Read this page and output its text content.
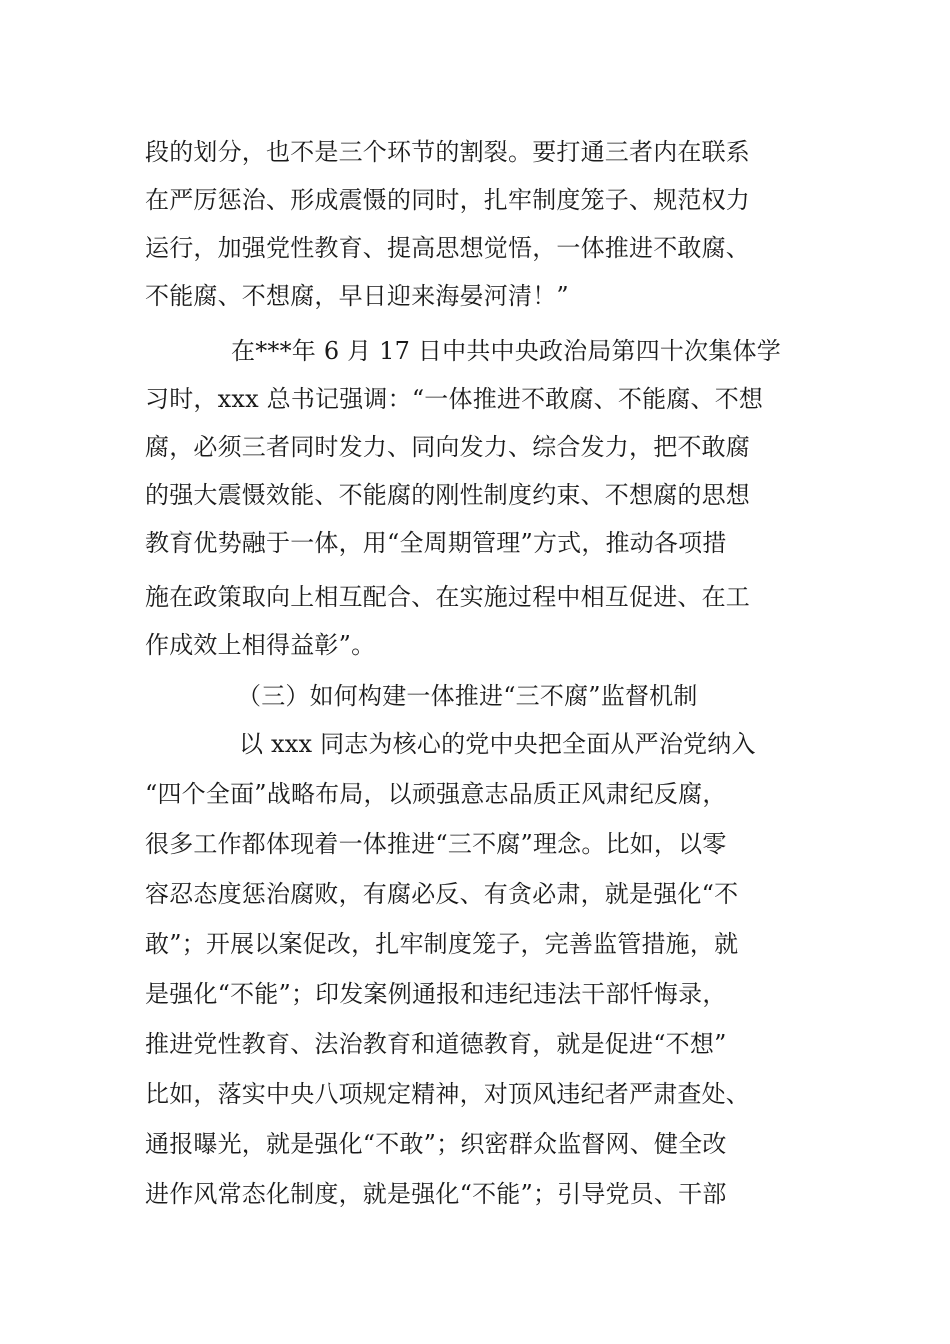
段的划分，也不是三个环节的割裂。要打通三者内在联系
在严厉惩治、形成震慑的同时，扎牢制度笼子、规范权力
运行，加强党性教育、提高思想觉悟，一体推进不敢腐、
不能腐、不想腐，早日迎来海晏河清！”
在***年 6 月 17 日中共中央政治局第四十次集体学
习时，xxx 总书记强调：“一体推进不敢腐、不能腐、不想
腐，必须三者同时发力、同向发力、综合发力，把不敢腐
的强大震慑效能、不能腐的刚性制度约束、不想腐的思想
教育优势融于一体，用“全周期管理”方式，推动各项措
施在政策取向上相互配合、在实施过程中相互促进、在工
作成效上相得益彰”。
（三）如何构建一体推进“三不腐”监督机制
以 xxx 同志为核心的党中央把全面从严治党纳入
“四个全面”战略布局，以顽强意志品质正风肃纪反腐，
很多工作都体现着一体推进“三不腐”理念。比如，以零
容忍态度惩治腐败，有腐必反、有贪必肃，就是强化“不
敢”；开展以案促改，扎牢制度笼子，完善监管措施，就
是强化“不能”；印发案例通报和违纪违法干部忏悔录，
推进党性教育、法治教育和道德教育，就是促进“不想”
比如，落实中央八项规定精神，对顶风违纪者严肃查处、
通报曝光，就是强化“不敢”；织密群众监督网、健全改
进作风常态化制度，就是强化“不能”；引导党员、干部
